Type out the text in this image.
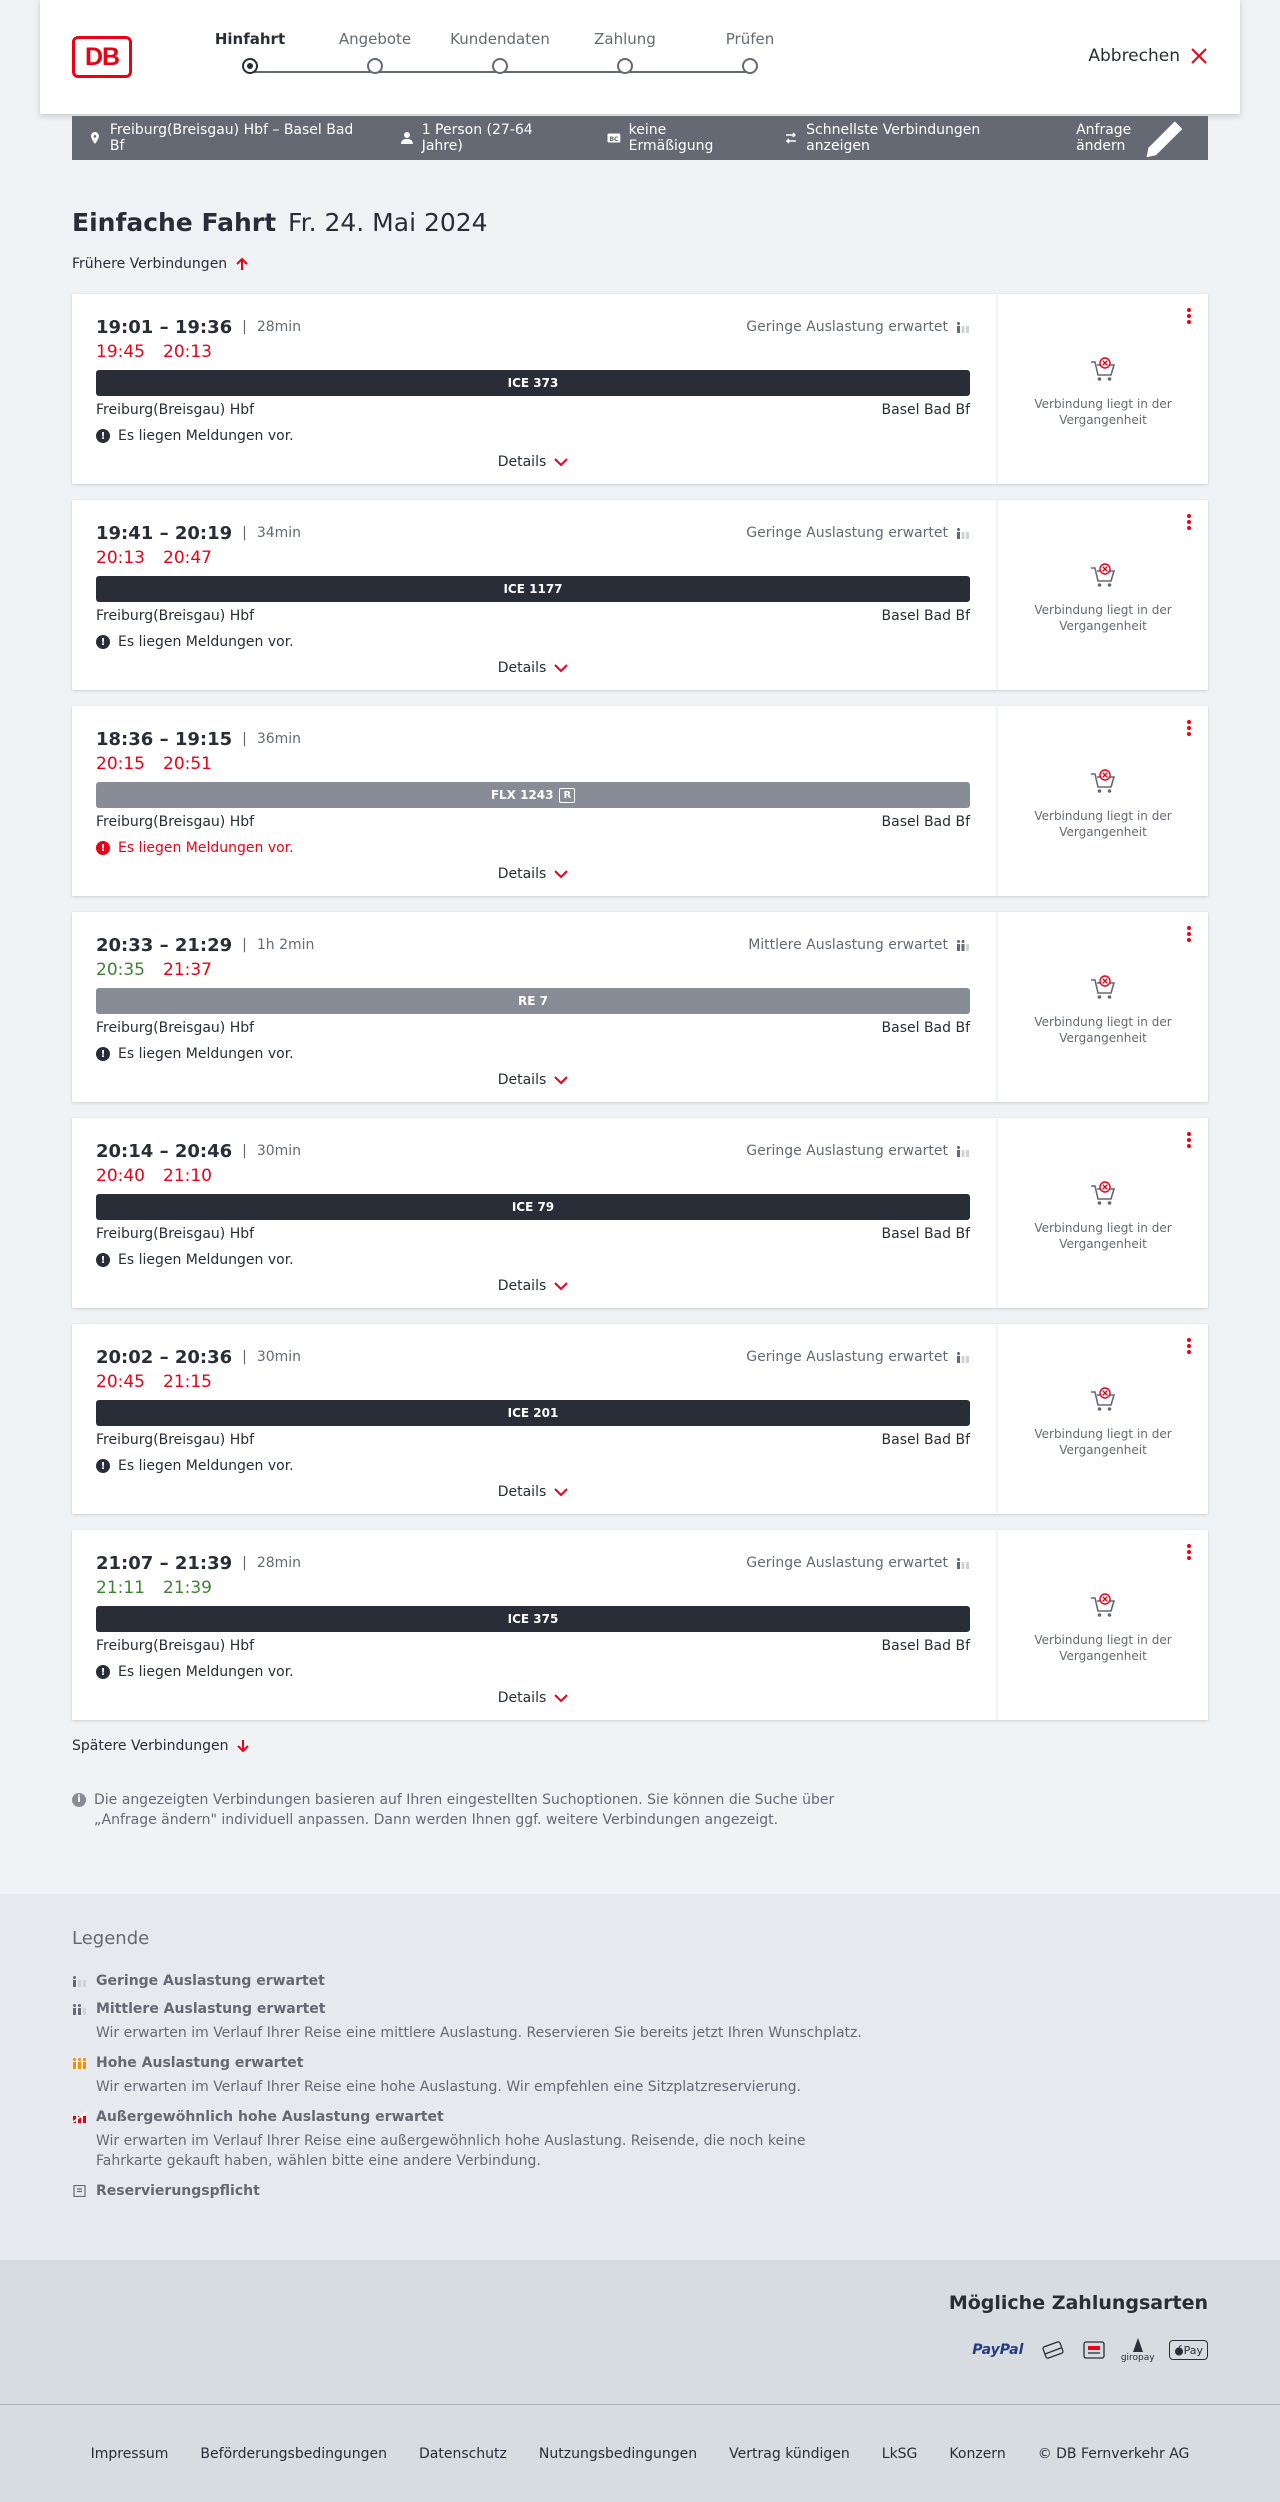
DB
Hinfahrt	Angebote	Kundendaten	Zahlung	Prüfen
Abbrechen
Freiburg(Breisgau) Hbf – Basel Bad Bf
1 Person (27-64 Jahre)	BC
keine Ermäßigung
Schnellste Verbindungen anzeigen
Anfrage ändern
Einfache Fahrt Fr. 24. Mai 2024
Frühere Verbindungen
19:01 – 19:36 | 28min	Geringe Auslastung erwartet
19:45 20:13
ICE 373
Freiburg(Breisgau) Hbf	Basel Bad Bf
! Es liegen Meldungen vor.
Details
Verbindung liegt in der Vergangenheit
19:41 – 20:19 | 34min	Geringe Auslastung erwartet
20:13 20:47
ICE 1177
Freiburg(Breisgau) Hbf	Basel Bad Bf
! Es liegen Meldungen vor.
Details
Verbindung liegt in der Vergangenheit
18:36 – 19:15 | 36min
20:15 20:51
FLX 1243	R
Freiburg(Breisgau) Hbf	Basel Bad Bf
! Es liegen Meldungen vor.
Details
Verbindung liegt in der Vergangenheit
20:33 – 21:29 | 1h 2min	Mittlere Auslastung erwartet
20:35 21:37
RE 7
Freiburg(Breisgau) Hbf	Basel Bad Bf
! Es liegen Meldungen vor.
Details
Verbindung liegt in der Vergangenheit
20:14 – 20:46 | 30min	Geringe Auslastung erwartet
20:40 21:10
ICE 79
Freiburg(Breisgau) Hbf	Basel Bad Bf
! Es liegen Meldungen vor.
Details
Verbindung liegt in der Vergangenheit
20:02 – 20:36 | 30min	Geringe Auslastung erwartet
20:45 21:15
ICE 201
Freiburg(Breisgau) Hbf	Basel Bad Bf
! Es liegen Meldungen vor.
Details
Verbindung liegt in der Vergangenheit
21:07 – 21:39 | 28min	Geringe Auslastung erwartet
21:11 21:39
ICE 375
Freiburg(Breisgau) Hbf	Basel Bad Bf
! Es liegen Meldungen vor.
Details
Verbindung liegt in der Vergangenheit
Spätere Verbindungen
i Die angezeigten Verbindungen basieren auf Ihren eingestellten Suchoptionen. Sie können die Suche über „Anfrage ändern" individuell anpassen. Dann werden Ihnen ggf. weitere Verbindungen angezeigt.
Legende
Geringe Auslastung erwartet
Mittlere Auslastung erwartet
Wir erwarten im Verlauf Ihrer Reise eine mittlere Auslastung. Reservieren Sie bereits jetzt Ihren Wunschplatz.
Hohe Auslastung erwartet
Wir erwarten im Verlauf Ihrer Reise eine hohe Auslastung. Wir empfehlen eine Sitzplatzreservierung.
Außergewöhnlich hohe Auslastung erwartet
Wir erwarten im Verlauf Ihrer Reise eine außergewöhnlich hohe Auslastung. Reisende, die noch keine Fahrkarte gekauft haben, wählen bitte eine andere Verbindung.
Reservierungspflicht
Mögliche Zahlungsarten
PayPal	giropay
Pay
Impressum Beförderungsbedingungen Datenschutz Nutzungsbedingungen Vertrag kündigen LkSG Konzern © DB Fernverkehr AG
